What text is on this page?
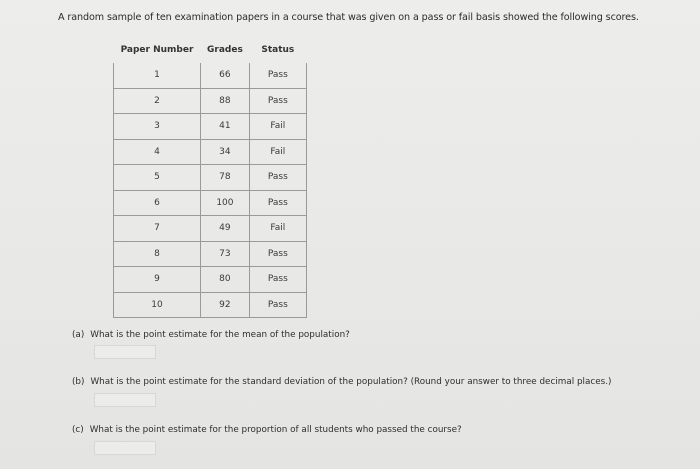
A random sample of ten examination papers in a course that was given on a pass or fail basis showed the following scores.
Paper Number	Grades	Status
1	66	Pass
2	88	Pass
3	41	Fail
4	34	Fail
5	78	Pass
6	100	Pass
7	49	Fail
8	73	Pass
9	80	Pass
10	92	Pass
(a) What is the point estimate for the mean of the population?
(b) What is the point estimate for the standard deviation of the population? (Round your answer to three decimal places.)
(c) What is the point estimate for the proportion of all students who passed the course?
